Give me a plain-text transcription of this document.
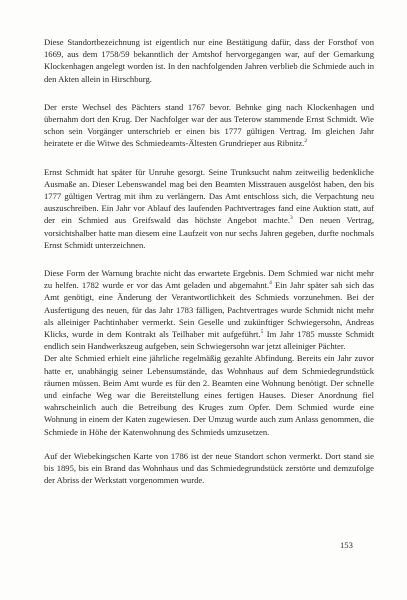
Diese Standortbezeichnung ist eigentlich nur eine Bestätigung dafür, dass der Forsthof von 1669, aus dem 1758/59 bekanntlich der Amtshof hervorgegangen war, auf der Gemarkung Klockenhagen angelegt worden ist. In den nachfolgenden Jahren verblieb die Schmiede auch in den Akten allein in Hirschburg.

Der erste Wechsel des Pächters stand 1767 bevor. Behnke ging nach Klockenhagen und übernahm dort den Krug. Der Nachfolger war der aus Teterow stammende Ernst Schmidt. Wie schon sein Vorgänger unterschrieb er einen bis 1777 gültigen Vertrag. Im gleichen Jahr heiratete er die Witwe des Schmiedeamts-Ältesten Grundrieper aus Ribnitz.$^2$

Ernst Schmidt hat später für Unruhe gesorgt. Seine Trunksucht nahm zeitweilig bedenkliche Ausmaße an. Dieser Lebenswandel mag bei den Beamten Misstrauen ausgelöst haben, den bis 1777 gültigen Vertrag mit ihm zu verlängern. Das Amt entschloss sich, die Verpachtung neu auszuschreiben. Ein Jahr vor Ablauf des laufenden Pachtvertrages fand eine Auktion statt, auf der ein Schmied aus Greifswald das höchste Angebot machte.$^3$ Den neuen Vertrag, vorsichtshalber hatte man diesem eine Laufzeit von nur sechs Jahren gegeben, durfte nochmals Ernst Schmidt unterzeichnen.

Diese Form der Warnung brachte nicht das erwartete Ergebnis. Dem Schmied war nicht mehr zu helfen. 1782 wurde er vor das Amt geladen und abgemahnt.$^4$ Ein Jahr später sah sich das Amt genötigt, eine Änderung der Verantwortlichkeit des Schmieds vorzunehmen. Bei der Ausfertigung des neuen, für das Jahr 1783 fälligen, Pachtvertrages wurde Schmidt nicht mehr als alleiniger Pachtinhaber vermerkt. Sein Geselle und zukünftiger Schwiegersohn, Andreas Klicks, wurde in dem Kontrakt als Teilhaber mit aufgeführt.$^5$ Im Jahr 1785 musste Schmidt endlich sein Handwerkszeug aufgeben, sein Schwiegersohn war jetzt alleiniger Pächter.

Der alte Schmied erhielt eine jährliche regelmäßig gezahlte Abfindung. Bereits ein Jahr zuvor hatte er, unabhängig seiner Lebensumstände, das Wohnhaus auf dem Schmiedegrundstück räumen müssen. Beim Amt wurde es für den 2. Beamten eine Wohnung benötigt. Der schnelle und einfache Weg war die Bereitstellung eines fertigen Hauses. Dieser Anordnung fiel wahrscheinlich auch die Betreibung des Kruges zum Opfer. Dem Schmied wurde eine Wohnung in einem der Katen zugewiesen. Der Umzug wurde auch zum Anlass genommen, die Schmiede in Höhe der Katenwohnung des Schmieds umzusetzen.

Auf der Wiebekingschen Karte von 1786 ist der neue Standort schon vermerkt. Dort stand sie bis 1895, bis ein Brand das Wohnhaus und das Schmiedegrundstück zerstörte und demzufolge der Abriss der Werkstatt vorgenommen wurde.

153
